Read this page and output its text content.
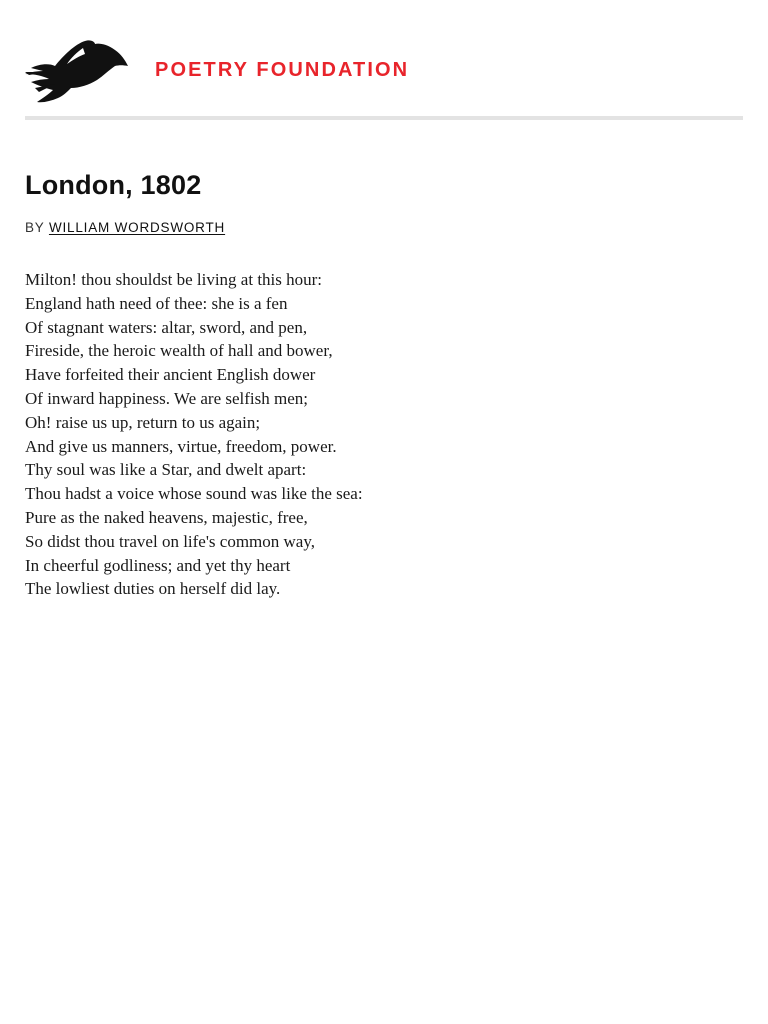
POETRY FOUNDATION
London, 1802
BY WILLIAM WORDSWORTH
Milton! thou shouldst be living at this hour:
England hath need of thee: she is a fen
Of stagnant waters: altar, sword, and pen,
Fireside, the heroic wealth of hall and bower,
Have forfeited their ancient English dower
Of inward happiness. We are selfish men;
Oh! raise us up, return to us again;
And give us manners, virtue, freedom, power.
Thy soul was like a Star, and dwelt apart:
Thou hadst a voice whose sound was like the sea:
Pure as the naked heavens, majestic, free,
So didst thou travel on life's common way,
In cheerful godliness; and yet thy heart
The lowliest duties on herself did lay.
